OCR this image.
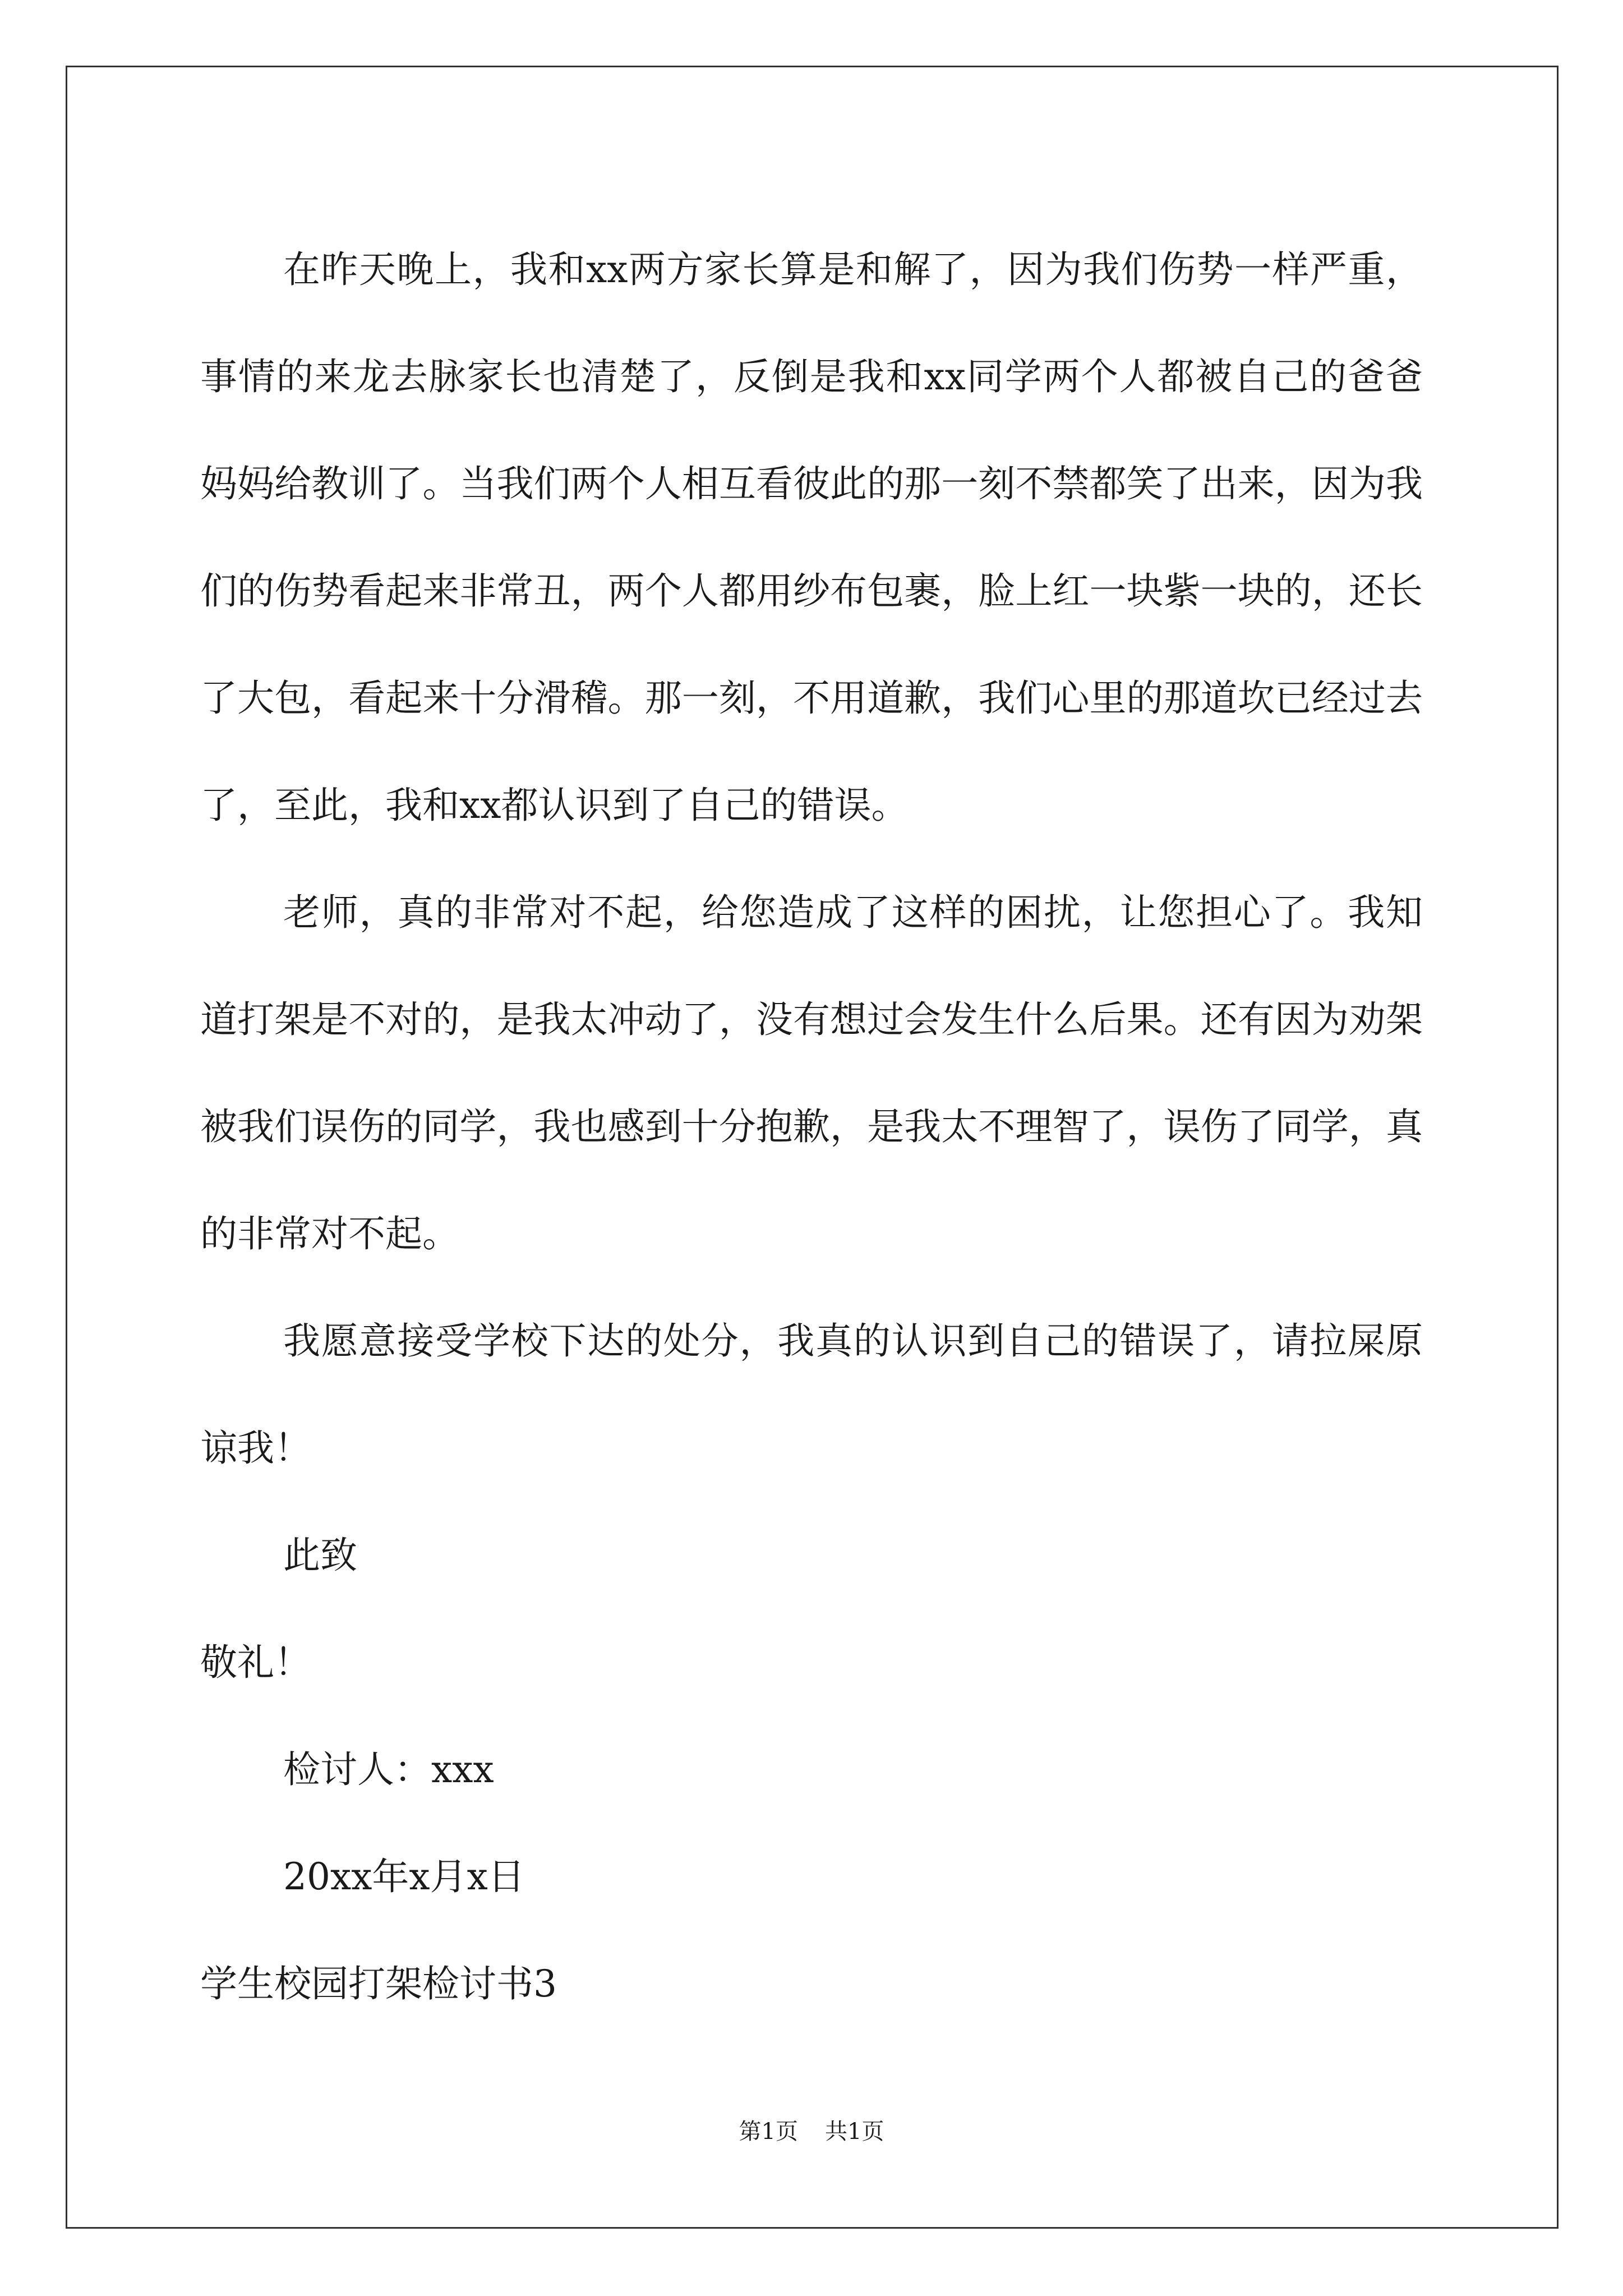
在昨天晚上，我和xx两方家长算是和解了，因为我们伤势一样严重，事情的来龙去脉家长也清楚了，反倒是我和xx同学两个人都被自己的爸爸妈妈给教训了。当我们两个人相互看彼此的那一刻不禁都笑了出来，因为我们的伤势看起来非常丑，两个人都用纱布包裹，脸上红一块紫一块的，还长了大包，看起来十分滑稽。那一刻，不用道歉，我们心里的那道坎已经过去了，至此，我和xx都认识到了自己的错误。

老师，真的非常对不起，给您造成了这样的困扰，让您担心了。我知道打架是不对的，是我太冲动了，没有想过会发生什么后果。还有因为劝架被我们误伤的同学，我也感到十分抱歉，是我太不理智了，误伤了同学，真的非常对不起。

我愿意接受学校下达的处分，我真的认识到自己的错误了，请拉屎原谅我！

此致

敬礼！

检讨人：xxx

20xx年x月x日

学生校园打架检讨书3

第1页 共1页
